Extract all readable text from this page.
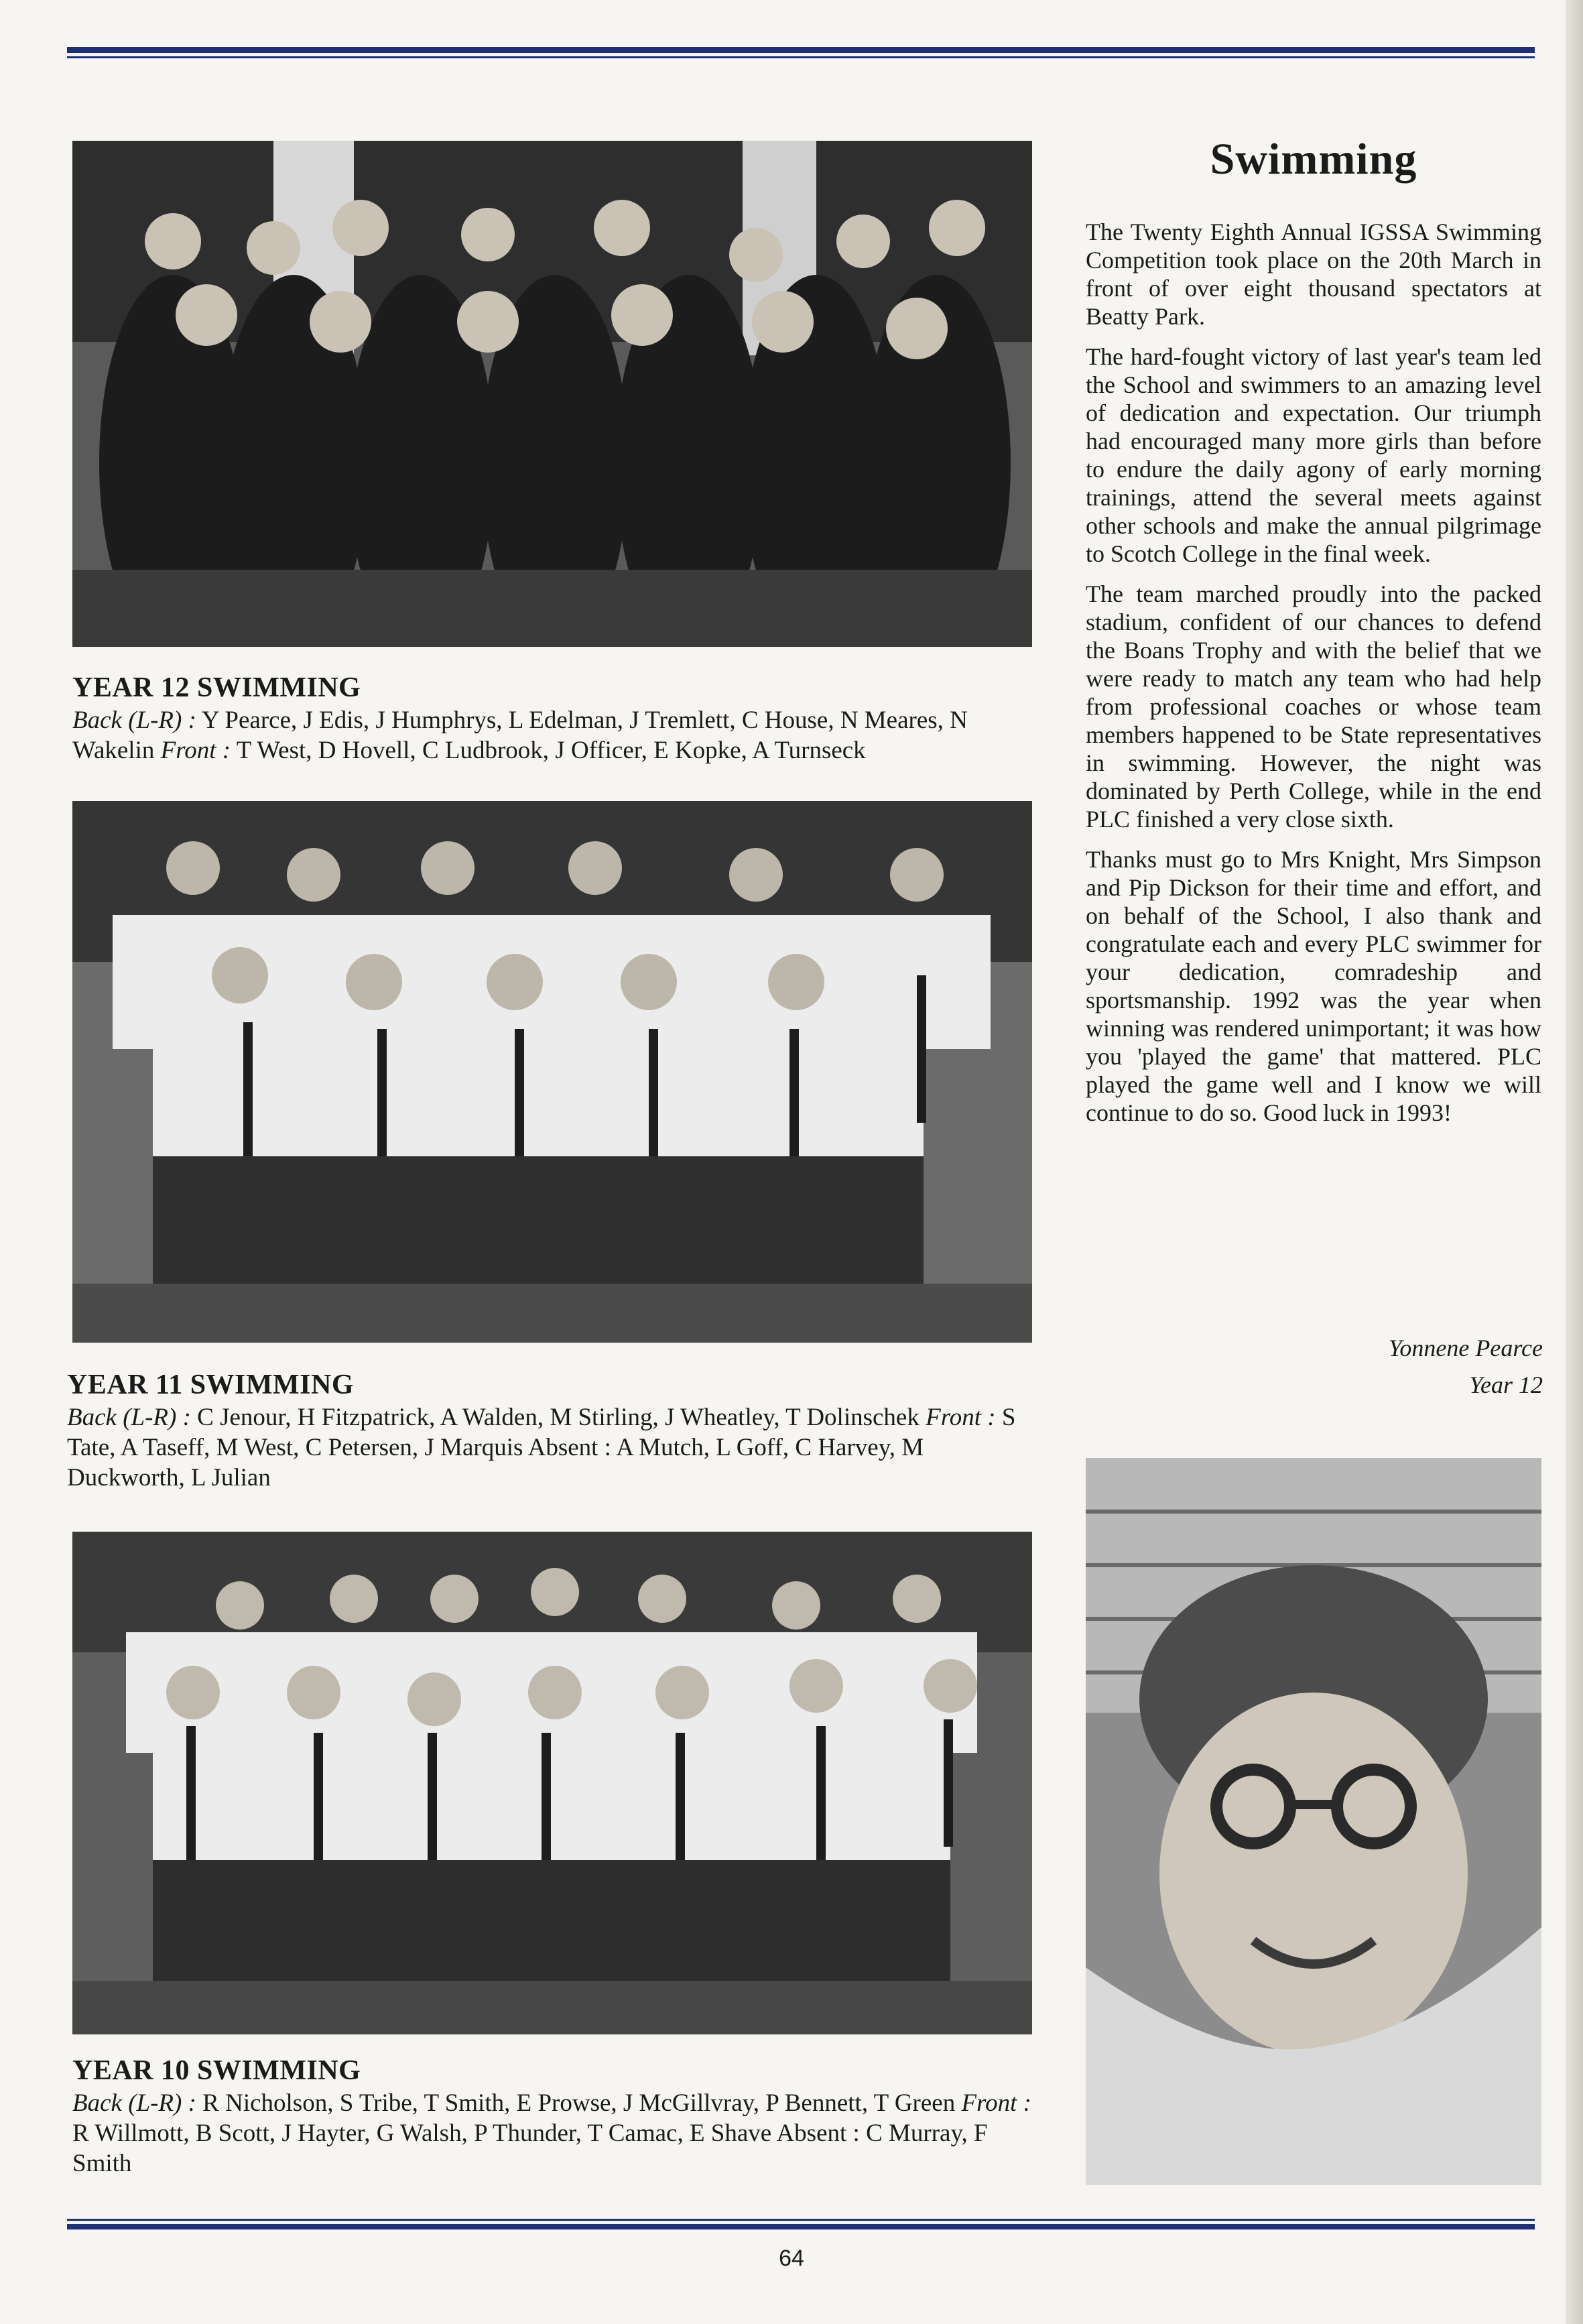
YEAR 12 SWIMMING
Back (L-R) : Y Pearce, J Edis, J Humphrys, L Edelman, J Tremlett, C House, N Meares, N Wakelin Front : T West, D Hovell, C Ludbrook, J Officer, E Kopke, A Turnseck
YEAR 11 SWIMMING
Back (L-R) : C Jenour, H Fitzpatrick, A Walden, M Stirling, J Wheatley, T Dolinschek Front : S Tate, A Taseff, M West, C Petersen, J Marquis Absent : A Mutch, L Goff, C Harvey, M Duckworth, L Julian
YEAR 10 SWIMMING
Back (L-R) : R Nicholson, S Tribe, T Smith, E Prowse, J McGillvray, P Bennett, T Green Front : R Willmott, B Scott, J Hayter, G Walsh, P Thunder, T Camac, E Shave Absent : C Murray, F Smith
Swimming

The Twenty Eighth Annual IGSSA Swimming Competition took place on the 20th March in front of over eight thousand spectators at Beatty Park.

The hard-fought victory of last year's team led the School and swimmers to an amazing level of dedication and expectation. Our triumph had encouraged many more girls than before to endure the daily agony of early morning trainings, attend the several meets against other schools and make the annual pilgrimage to Scotch College in the final week.

The team marched proudly into the packed stadium, confident of our chances to defend the Boans Trophy and with the belief that we were ready to match any team who had help from professional coaches or whose team members happened to be State representatives in swimming. However, the night was dominated by Perth College, while in the end PLC finished a very close sixth.

Thanks must go to Mrs Knight, Mrs Simpson and Pip Dickson for their time and effort, and on behalf of the School, I also thank and congratulate each and every PLC swimmer for your dedication, comradeship and sportsmanship. 1992 was the year when winning was rendered unimportant; it was how you 'played the game' that mattered. PLC played the game well and I know we will continue to do so. Good luck in 1993!

Yonnene Pearce
Year 12
64
